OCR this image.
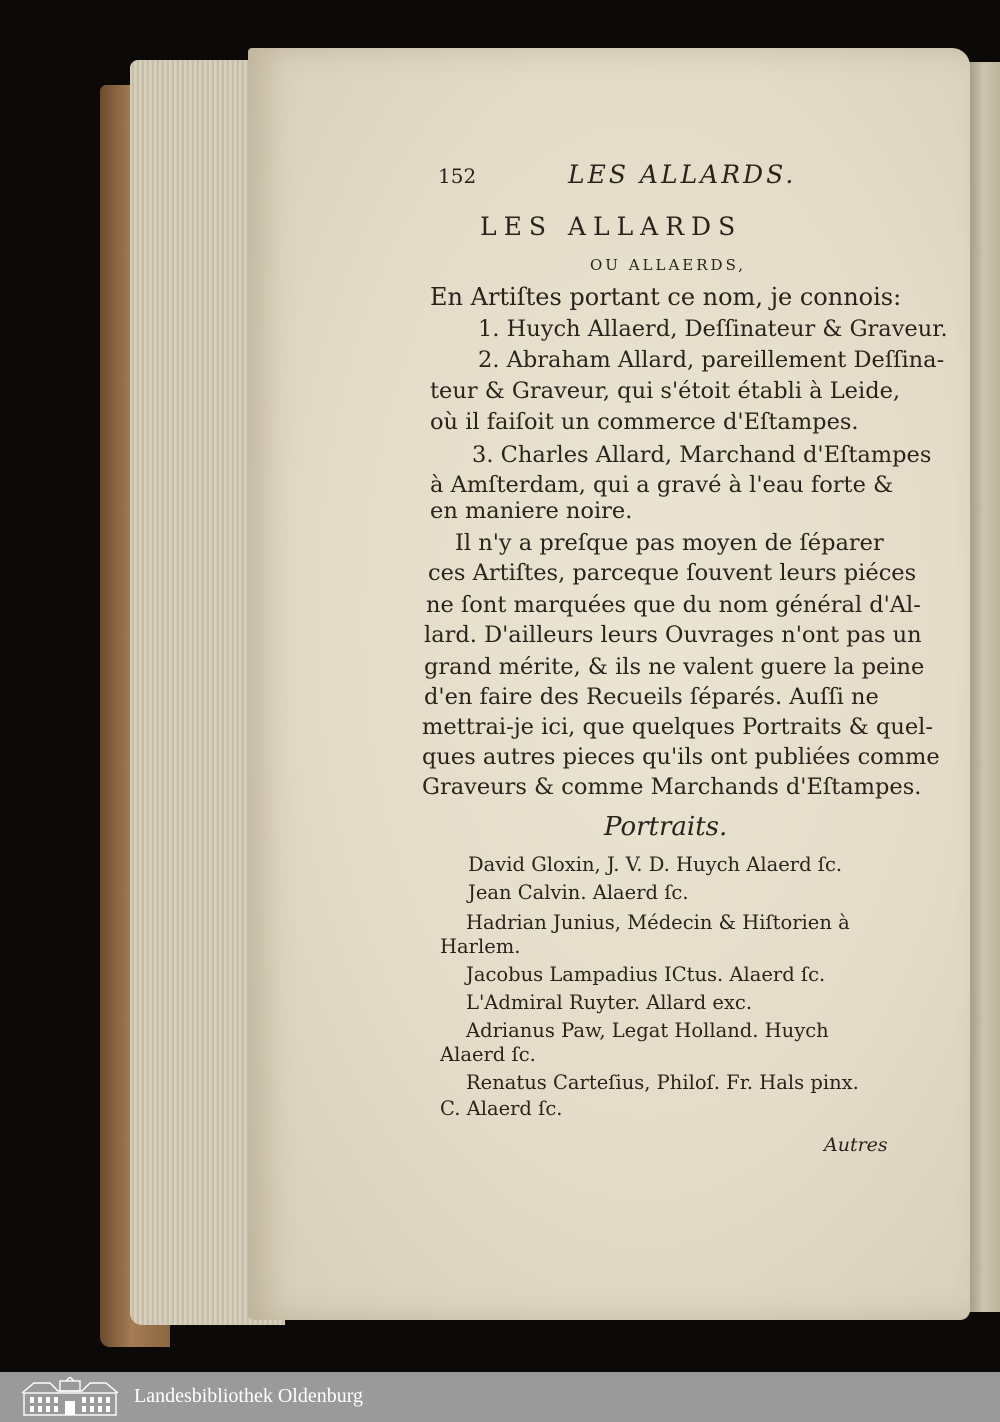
152	LES ALLARDS.
LES ALLARDS
OU ALLAERDS,
En Artiſtes portant ce nom, je connois:
1. Huych Allaerd, Deſſinateur & Graveur.
2. Abraham Allard, pareillement Deſſina-
teur & Graveur, qui s'étoit établi à Leide,
où il faiſoit un commerce d'Eſtampes.
3. Charles Allard, Marchand d'Eſtampes
à Amſterdam, qui a gravé à l'eau forte &
en maniere noire.
Il n'y a preſque pas moyen de ſéparer
ces Artiſtes, parceque ſouvent leurs piéces
ne ſont marquées que du nom général d'Al-
lard. D'ailleurs leurs Ouvrages n'ont pas un
grand mérite, & ils ne valent guere la peine
d'en faire des Recueils ſéparés. Auſſi ne
mettrai-je ici, que quelques Portraits & quel-
ques autres pieces qu'ils ont publiées comme
Graveurs & comme Marchands d'Eſtampes.
Portraits.
David Gloxin, J. V. D. Huych Alaerd ſc.
Jean Calvin. Alaerd ſc.
Hadrian Junius, Médecin & Hiſtorien à
Harlem.
Jacobus Lampadius ICtus. Alaerd ſc.
L'Admiral Ruyter. Allard exc.
Adrianus Paw, Legat Holland. Huych
Alaerd ſc.
Renatus Carteſius, Philoſ. Fr. Hals pinx.
C. Alaerd ſc.
Autres
Landesbibliothek Oldenburg
